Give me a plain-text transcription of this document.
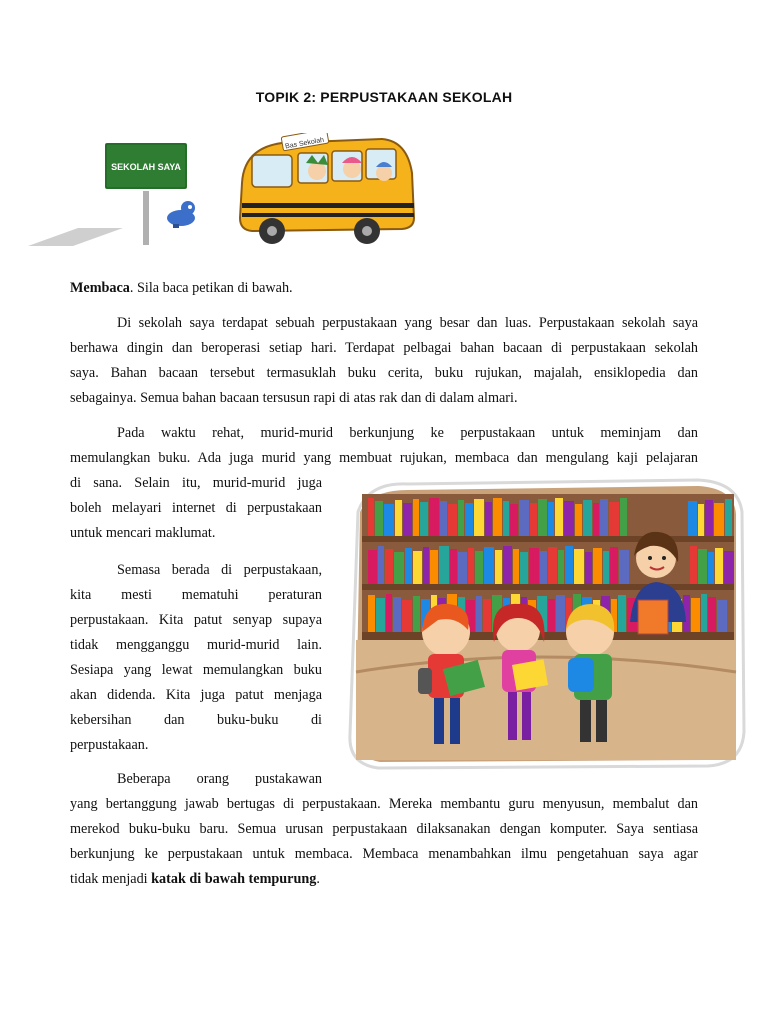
TOPIK 2: PERPUSTAKAAN SEKOLAH
SEKOLAH SAYA
Bas Sekolah
Membaca. Sila baca petikan di bawah.
Di sekolah saya terdapat sebuah perpustakaan yang besar dan luas. Perpustakaan sekolah saya
berhawa dingin dan beroperasi setiap hari. Terdapat pelbagai bahan bacaan di perpustakaan sekolah
saya. Bahan bacaan tersebut termasuklah buku cerita, buku rujukan, majalah, ensiklopedia dan
sebagainya. Semua bahan bacaan tersusun rapi di atas rak dan di dalam almari.
Pada waktu rehat, murid-murid berkunjung ke perpustakaan untuk meminjam dan
memulangkan buku. Ada juga murid yang membuat rujukan, membaca dan mengulang kaji pelajaran
di sana. Selain itu, murid-murid juga
boleh melayari internet di perpustakaan
untuk mencari maklumat.
Semasa berada di perpustakaan,
kita mesti mematuhi peraturan
perpustakaan. Kita patut senyap supaya
tidak mengganggu murid-murid lain.
Sesiapa yang lewat memulangkan buku
akan didenda. Kita juga patut menjaga
kebersihan dan buku-buku di
perpustakaan.
Beberapa orang pustakawan
yang bertanggung jawab bertugas di perpustakaan. Mereka membantu guru menyusun, membalut dan
merekod buku-buku baru. Semua urusan perpustakaan dilaksanakan dengan komputer. Saya sentiasa
berkunjung ke perpustakaan untuk membaca. Membaca menambahkan ilmu pengetahuan saya agar
tidak menjadi katak di bawah tempurung.
